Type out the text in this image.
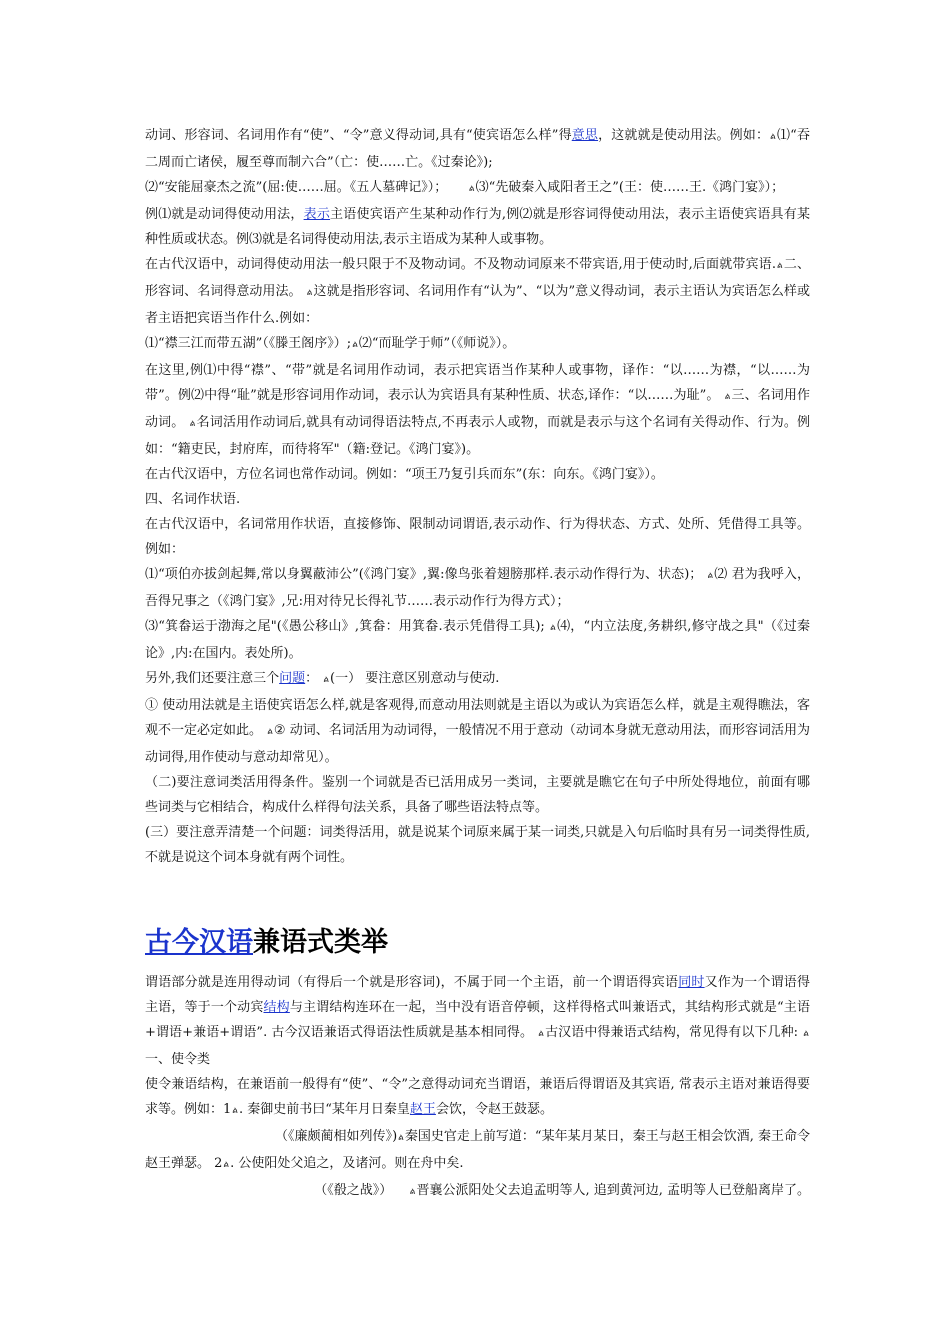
动词、形容词、名词用作有“使”、“令”意义得动词,具有“使宾语怎么样”得意思，这就就是使动用法。例如：ል⑴“吞二周而亡诸侯，履至尊而制六合”（亡：使……亡。《过秦论》);

⑵“安能屈豪杰之流”(屈:使……屈。《五人墓碑记》）； ል⑶“先破秦入咸阳者王之”(王：使……王.《鸿门宴》）；

例⑴就是动词得使动用法，表示主语使宾语产生某种动作行为,例⑵就是形容词得使动用法，表示主语使宾语具有某种性质或状态。例⑶就是名词得使动用法,表示主语成为某种人或事物。

在古代汉语中，动词得使动用法一般只限于不及物动词。不及物动词原来不带宾语,用于使动时,后面就带宾语.ል二、形容词、名词得意动用法。 ል这就是指形容词、名词用作有“认为”、“以为”意义得动词，表示主语认为宾语怎么样或者主语把宾语当作什么.例如：

⑴“襟三江而带五湖”（《滕王阁序》）;ል⑵“而耻学于师”（《师说》）。

在这里,例⑴中得“襟”、“带”就是名词用作动词，表示把宾语当作某种人或事物，译作：“以……为襟，“以……为带”。例⑵中得“耻”就是形容词用作动词，表示认为宾语具有某种性质、状态,译作：“以……为耻”。 ል三、名词用作动词。 ል名词活用作动词后,就具有动词得语法特点,不再表示人或物，而就是表示与这个名词有关得动作、行为。例如：“籍吏民，封府库，而待将军"（籍:登记。《鸿门宴》)。

在古代汉语中，方位名词也常作动词。例如：“项王乃复引兵而东”(东：向东。《鸿门宴》）。

四、名词作状语.

在古代汉语中，名词常用作状语，直接修饰、限制动词谓语,表示动作、行为得状态、方式、处所、凭借得工具等。例如：

⑴“项伯亦拔剑起舞,常以身翼蔽沛公”(《鸿门宴》,翼:像鸟张着翅膀那样.表示动作得行为、状态)； ል⑵ 君为我呼入，吾得兄事之（《鸿门宴》,兄:用对待兄长得礼节……表示动作行为得方式）；

⑶“箕畚运于渤海之尾"(《愚公移山》,箕畚：用箕畚.表示凭借得工具); ል⑷，“内立法度,务耕织,修守战之具"（《过秦论》,内:在国内。表处所)。

另外,我们还要注意三个问题： ል(一） 要注意区别意动与使动.

① 使动用法就是主语使宾语怎么样,就是客观得,而意动用法则就是主语以为或认为宾语怎么样，就是主观得瞧法，客观不一定必定如此。 ል② 动词、名词活用为动词得，一般情况不用于意动（动词本身就无意动用法，而形容词活用为动词得,用作使动与意动却常见）。

（二)要注意词类活用得条件。鉴别一个词就是否已活用成另一类词，主要就是瞧它在句子中所处得地位，前面有哪些词类与它相结合，构成什么样得句法关系，具备了哪些语法特点等。

(三）要注意弄清楚一个问题：词类得活用，就是说某个词原来属于某一词类,只就是入句后临时具有另一词类得性质,不就是说这个词本身就有两个词性。

古今汉语兼语式类举

谓语部分就是连用得动词（有得后一个就是形容词)，不属于同一个主语，前一个谓语得宾语同时又作为一个谓语得主语，等于一个动宾结构与主谓结构连环在一起，当中没有语音停顿，这样得格式叫兼语式，其结构形式就是“主语+谓语+兼语+谓语”. 古今汉语兼语式得语法性质就是基本相同得。 ል古汉语中得兼语式结构，常见得有以下几种: ል一、使令类

使令兼语结构，在兼语前一般得有“使”、“令”之意得动词充当谓语，兼语后得谓语及其宾语, 常表示主语对兼语得要求等。例如：1ል. 秦御史前书曰“某年月日秦皇赵王会饮，令赵王鼓瑟。

（《廉颇蔺相如列传》)ል秦国史官走上前写道：“某年某月某日，秦王与赵王相会饮酒, 秦王命令赵王弹瑟。 2ል. 公使阳处父追之，及诸河。则在舟中矣.

（《殽之战》） ል晋襄公派阳处父去追孟明等人, 追到黄河边, 孟明等人已登船离岸了。
